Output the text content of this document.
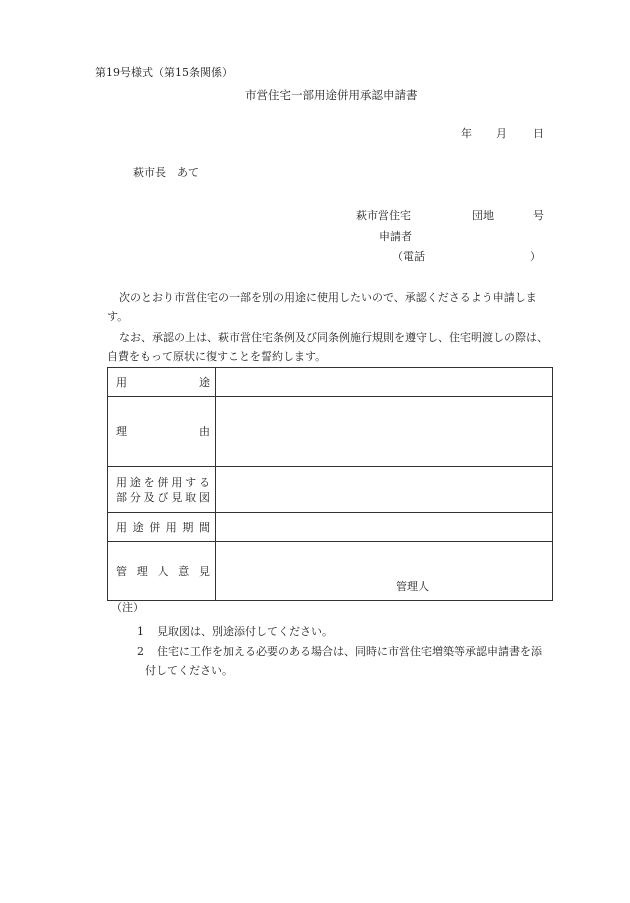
第19号様式（第15条関係）
市営住宅一部用途併用承認申請書
年 月 日
萩市長　あて
萩市営住宅	団地	号
申請者
（電話	）
次のとおり市営住宅の一部を別の用途に使用したいので、承認くださるよう申請しま
す。
なお、承認の上は、萩市営住宅条例及び同条例施行規則を遵守し、住宅明渡しの際は、
自費をもって原状に復すことを誓約します。
用　　　　　途	

理　　　　　由	

用途を併用する
部分及び見取図	

用途併用期間	

管理人意見	管理人
（注）
1 見取図は、別途添付してください。
2 住宅に工作を加える必要のある場合は、同時に市営住宅増築等承認申請書を添
付してください。
